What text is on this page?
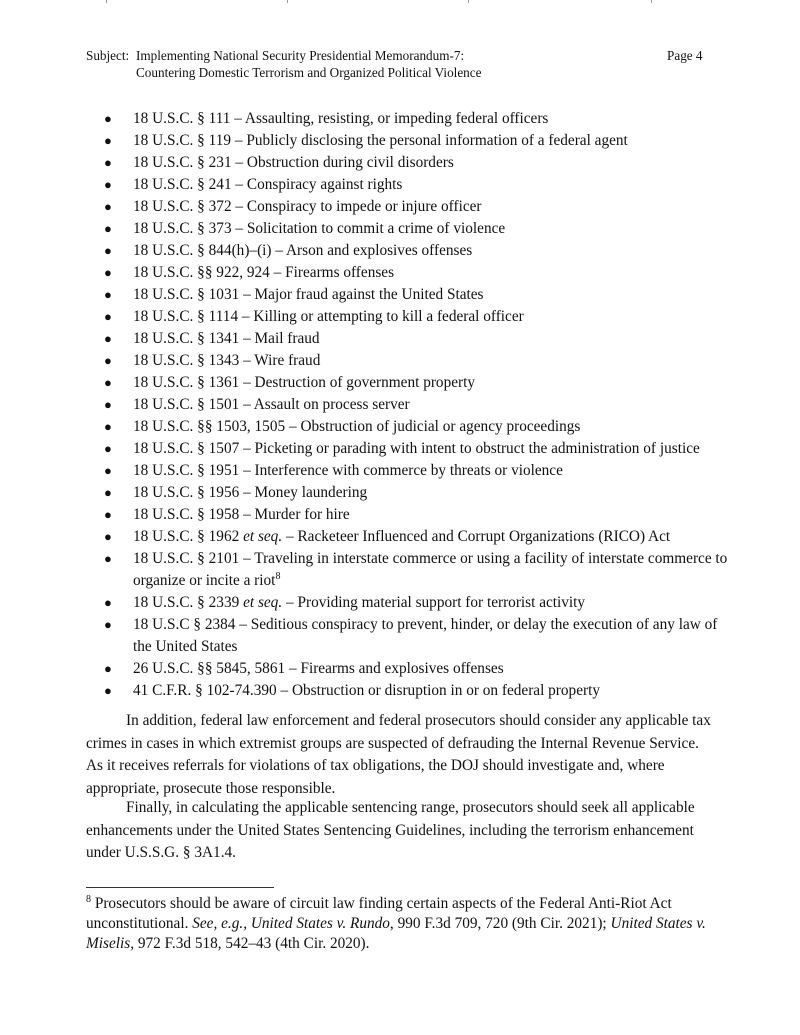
Subject: Implementing National Security Presidential Memorandum-7:
Countering Domestic Terrorism and Organized Political Violence
Page 4
● 18 U.S.C. § 111 – Assaulting, resisting, or impeding federal officers
● 18 U.S.C. § 119 – Publicly disclosing the personal information of a federal agent
● 18 U.S.C. § 231 – Obstruction during civil disorders
● 18 U.S.C. § 241 – Conspiracy against rights
● 18 U.S.C. § 372 – Conspiracy to impede or injure officer
● 18 U.S.C. § 373 – Solicitation to commit a crime of violence
● 18 U.S.C. § 844(h)–(i) – Arson and explosives offenses
● 18 U.S.C. §§ 922, 924 – Firearms offenses
● 18 U.S.C. § 1031 – Major fraud against the United States
● 18 U.S.C. § 1114 – Killing or attempting to kill a federal officer
● 18 U.S.C. § 1341 – Mail fraud
● 18 U.S.C. § 1343 – Wire fraud
● 18 U.S.C. § 1361 – Destruction of government property
● 18 U.S.C. § 1501 – Assault on process server
● 18 U.S.C. §§ 1503, 1505 – Obstruction of judicial or agency proceedings
● 18 U.S.C. § 1507 – Picketing or parading with intent to obstruct the administration of justice
● 18 U.S.C. § 1951 – Interference with commerce by threats or violence
● 18 U.S.C. § 1956 – Money laundering
● 18 U.S.C. § 1958 – Murder for hire
● 18 U.S.C. § 1962 et seq. – Racketeer Influenced and Corrupt Organizations (RICO) Act
● 18 U.S.C. § 2101 – Traveling in interstate commerce or using a facility of interstate commerce to organize or incite a riot$^8$
● 18 U.S.C. § 2339 et seq. – Providing material support for terrorist activity
● 18 U.S.C § 2384 – Seditious conspiracy to prevent, hinder, or delay the execution of any law of the United States
● 26 U.S.C. §§ 5845, 5861 – Firearms and explosives offenses
● 41 C.F.R. § 102-74.390 – Obstruction or disruption in or on federal property

In addition, federal law enforcement and federal prosecutors should consider any applicable tax crimes in cases in which extremist groups are suspected of defrauding the Internal Revenue Service. As it receives referrals for violations of tax obligations, the DOJ should investigate and, where appropriate, prosecute those responsible.

Finally, in calculating the applicable sentencing range, prosecutors should seek all applicable enhancements under the United States Sentencing Guidelines, including the terrorism enhancement under U.S.S.G. § 3A1.4.

$^8$ Prosecutors should be aware of circuit law finding certain aspects of the Federal Anti-Riot Act unconstitutional. See, e.g., United States v. Rundo, 990 F.3d 709, 720 (9th Cir. 2021); United States v. Miselis, 972 F.3d 518, 542–43 (4th Cir. 2020).
